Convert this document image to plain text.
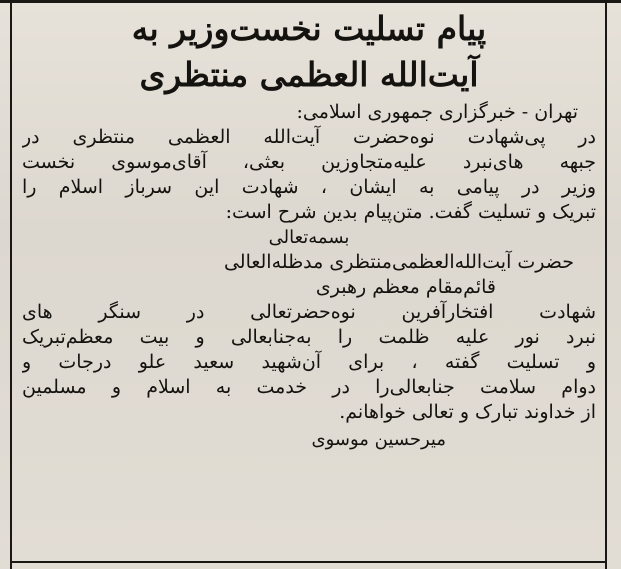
پیام تسلیت نخست‌وزیر به
آیت‌الله العظمی منتظری
تهران - خبرگزاری جمهوری اسلامی:

در پی‌شهادت نوه‌حضرت آیت‌الله العظمی منتظری در

جبهه های‌نبرد علیه‌متجاوزین بعثی، آقای‌موسوی نخست‌

وزیر در پیامی به ایشان ، شهادت این سرباز اسلام را

تبریک و تسلیت گفت. متن‌پیام بدین شرح است:

بسمه‌تعالی
حضرت آیت‌الله‌العظمی‌منتظری مدظله‌العالی
قائم‌مقام معظم رهبری

شهادت افتخارآفرین نوه‌حضرتعالی در سنگر های

نبرد نور علیه ظلمت را به‌جنابعالی و بیت معظم‌تبریک

و تسلیت گفته ، برای آن‌شهید سعید علو درجات و

دوام سلامت جنابعالی‌را در خدمت به اسلام و مسلمین

از خداوند تبارک و تعالی خواهانم.

میرحسین موسوی
